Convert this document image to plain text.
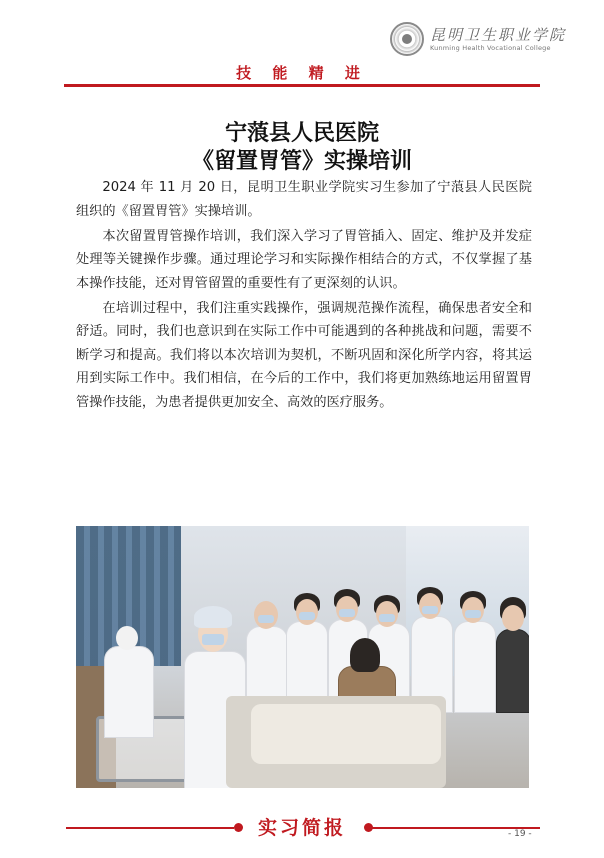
昆明卫生职业学院
Kunming Health Vocational College
技 能 精 进
宁蒗县人民医院
《留置胃管》实操培训

2024 年 11 月 20 日，昆明卫生职业学院实习生参加了宁蒗县人民医院组织的《留置胃管》实操培训。

本次留置胃管操作培训，我们深入学习了胃管插入、固定、维护及并发症处理等关键操作步骤。通过理论学习和实际操作相结合的方式，不仅掌握了基本操作技能，还对胃管留置的重要性有了更深刻的认识。

在培训过程中，我们注重实践操作，强调规范操作流程，确保患者安全和舒适。同时，我们也意识到在实际工作中可能遇到的各种挑战和问题，需要不断学习和提高。我们将以本次培训为契机，不断巩固和深化所学内容，将其运用到实际工作中。我们相信，在今后的工作中，我们将更加熟练地运用留置胃管操作技能，为患者提供更加安全、高效的医疗服务。

实习简报	- 19 -
